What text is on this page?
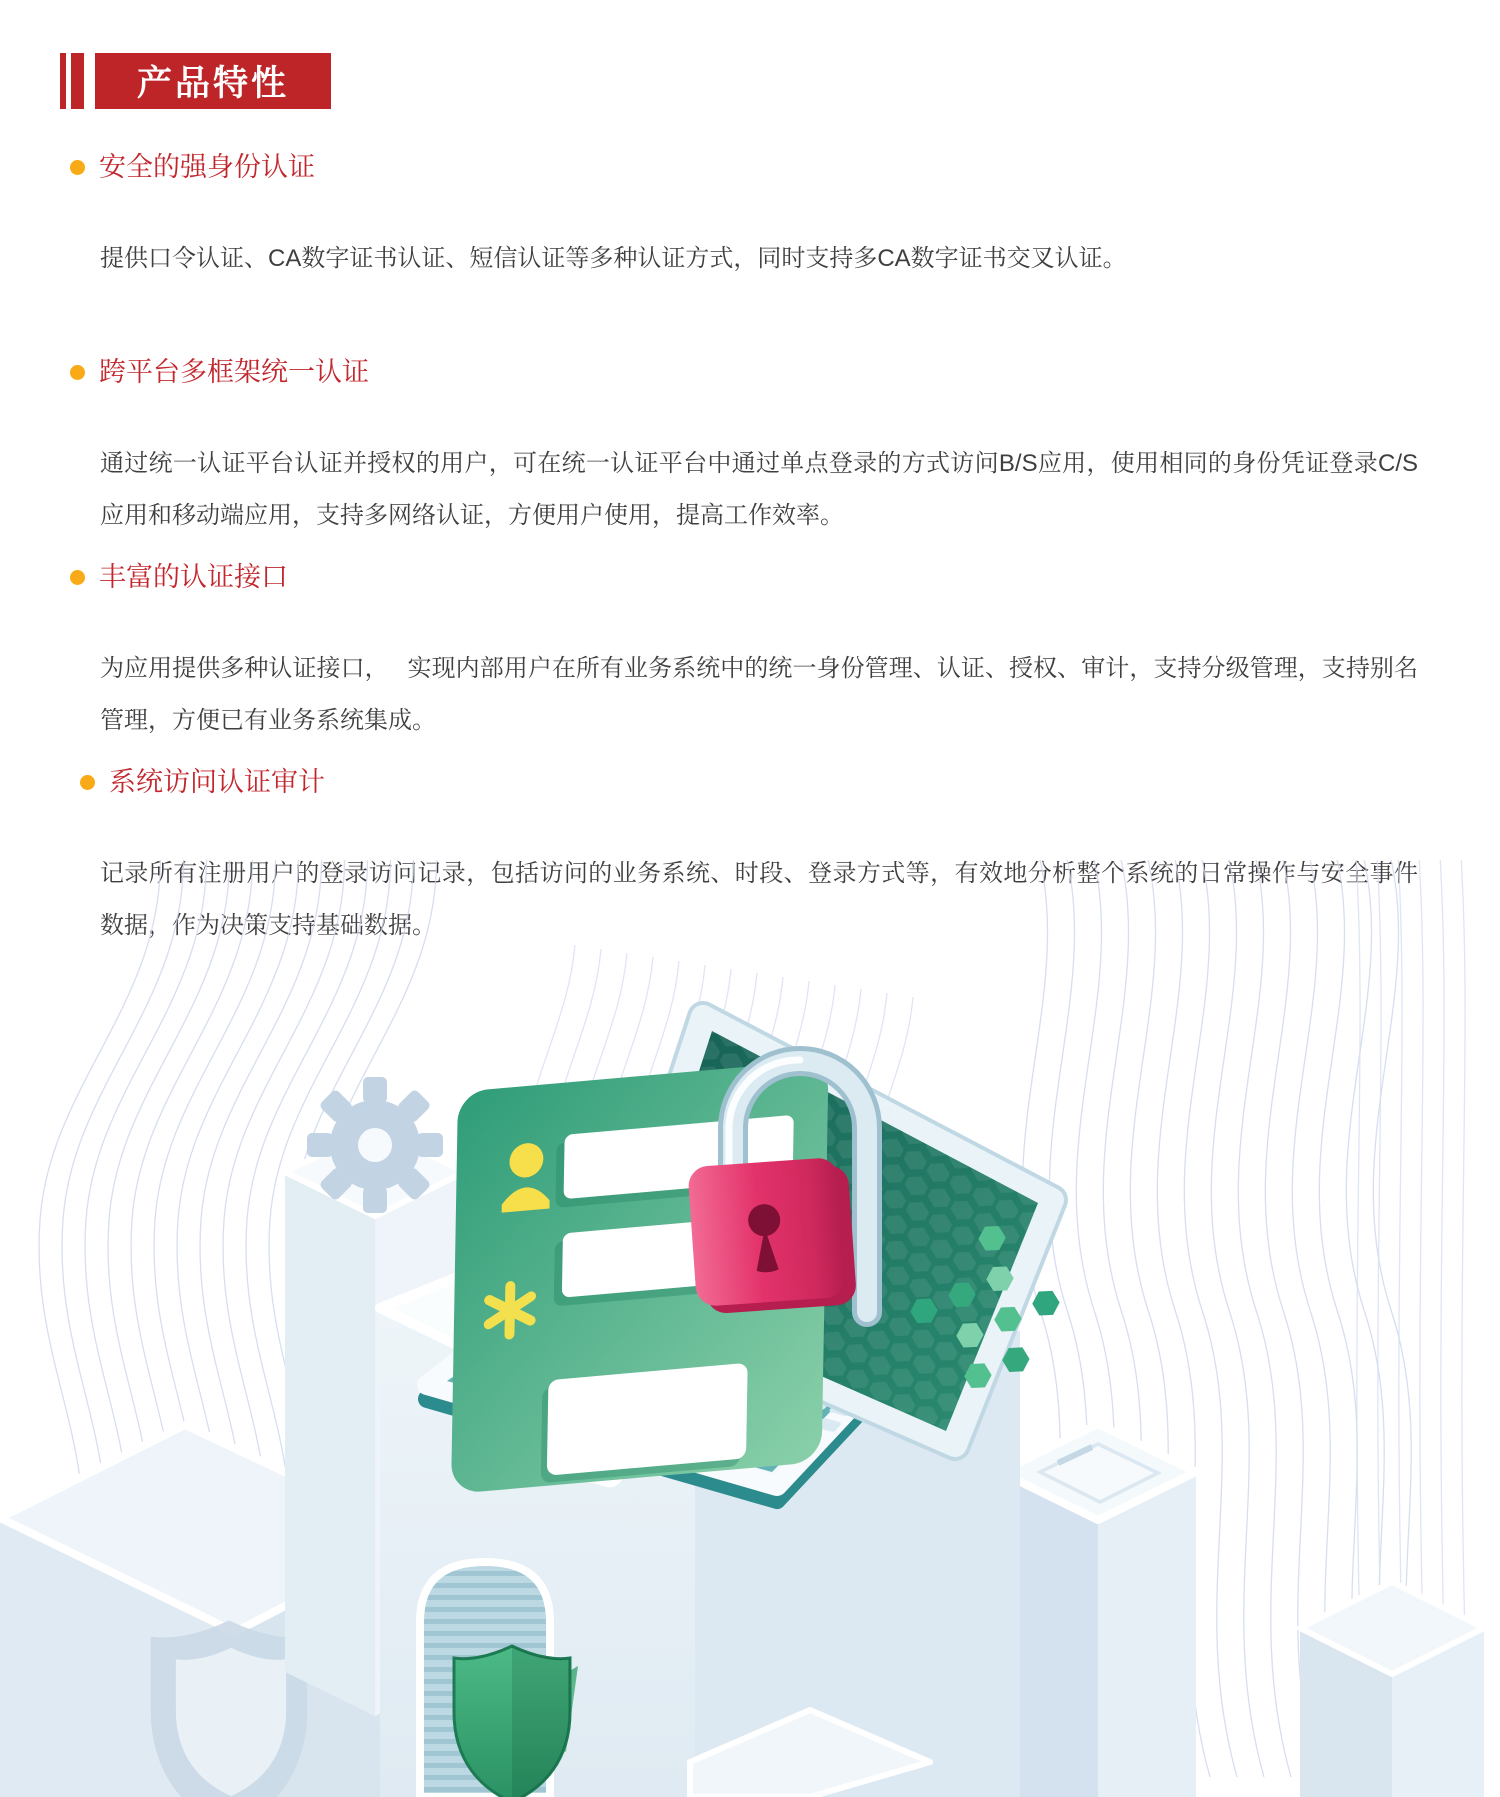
产品特性
安全的强身份认证

提供口令认证、CA数字证书认证、短信认证等多种认证方式，同时支持多CA数字证书交叉认证。

跨平台多框架统一认证

通过统一认证平台认证并授权的用户，可在统一认证平台中通过单点登录的方式访问B/S应用，使用相同的身份凭证登录C/S应用和移动端应用，支持多网络认证，方便用户使用，提高工作效率。

丰富的认证接口

为应用提供多种认证接口，　 实现内部用户在所有业务系统中的统一身份管理、认证、授权、审计，支持分级管理，支持别名管理，方便已有业务系统集成。

系统访问认证审计

记录所有注册用户的登录访问记录，包括访问的业务系统、时段、登录方式等，有效地分析整个系统的日常操作与安全事件数据，作为决策支持基础数据。
